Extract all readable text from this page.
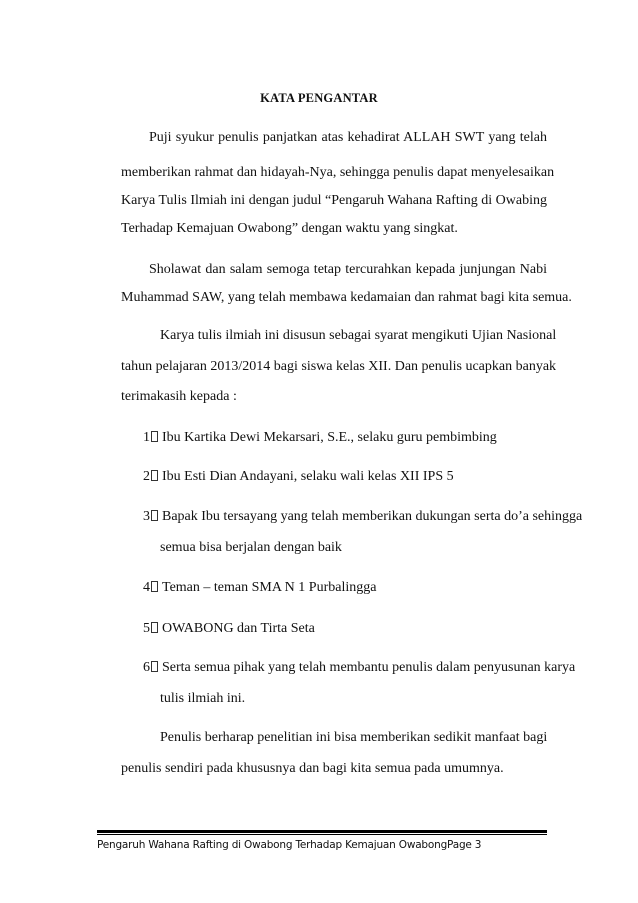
KATA PENGANTAR
Puji syukur penulis panjatkan atas kehadirat ALLAH SWT yang telah
memberikan rahmat dan hidayah-Nya, sehingga penulis dapat menyelesaikan
Karya Tulis Ilmiah ini dengan judul “Pengaruh Wahana Rafting di Owabing
Terhadap Kemajuan Owabong” dengan waktu yang singkat.
Sholawat dan salam semoga tetap tercurahkan kepada junjungan Nabi
Muhammad SAW, yang telah membawa kedamaian dan rahmat bagi kita semua.
Karya tulis ilmiah ini disusun sebagai syarat mengikuti Ujian Nasional
tahun pelajaran 2013/2014 bagi siswa kelas XII. Dan penulis ucapkan banyak
terimakasih kepada :
1 Ibu Kartika Dewi Mekarsari, S.E., selaku guru pembimbing
2 Ibu Esti Dian Andayani, selaku wali kelas XII IPS 5
3 Bapak Ibu tersayang yang telah memberikan dukungan serta do’a sehingga
semua bisa berjalan dengan baik
4 Teman – teman SMA N 1 Purbalingga
5 OWABONG dan Tirta Seta
6 Serta semua pihak yang telah membantu penulis dalam penyusunan karya
tulis ilmiah ini.
Penulis berharap penelitian ini bisa memberikan sedikit manfaat bagi
penulis sendiri pada khususnya dan bagi kita semua pada umumnya.
Pengaruh Wahana Rafting di Owabong Terhadap Kemajuan OwabongPage 3
